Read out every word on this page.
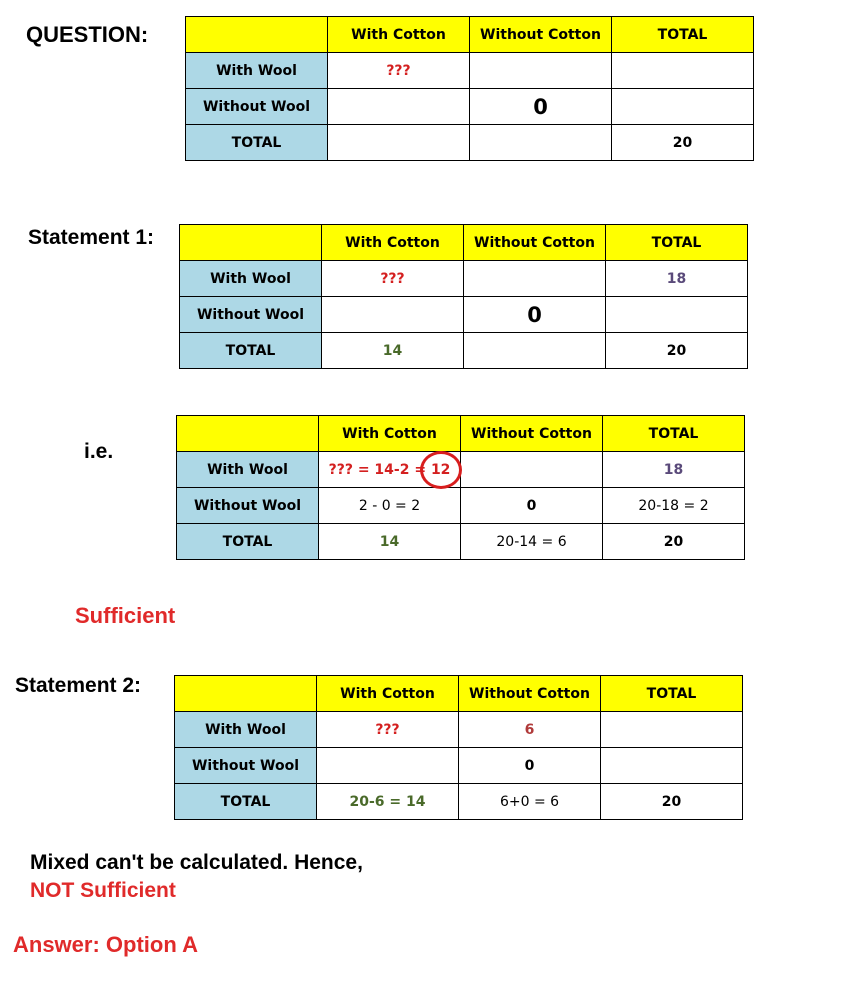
QUESTION:
Statement 1:
i.e.
Sufficient
Statement 2:
Mixed can't be calculated. Hence,
NOT Sufficient
Answer: Option A
	With Cotton	Without Cotton	TOTAL
With Wool	???		
Without Wool		0	
TOTAL			20
	With Cotton	Without Cotton	TOTAL
With Wool	???		18
Without Wool		0	
TOTAL	14		20
	With Cotton	Without Cotton	TOTAL
With Wool	??? = 14-2 = 12		18
Without Wool	2 - 0 = 2	0	20-18 = 2
TOTAL	14	20-14 = 6	20
	With Cotton	Without Cotton	TOTAL
With Wool	???	6	
Without Wool		0	
TOTAL	20-6 = 14	6+0 = 6	20
